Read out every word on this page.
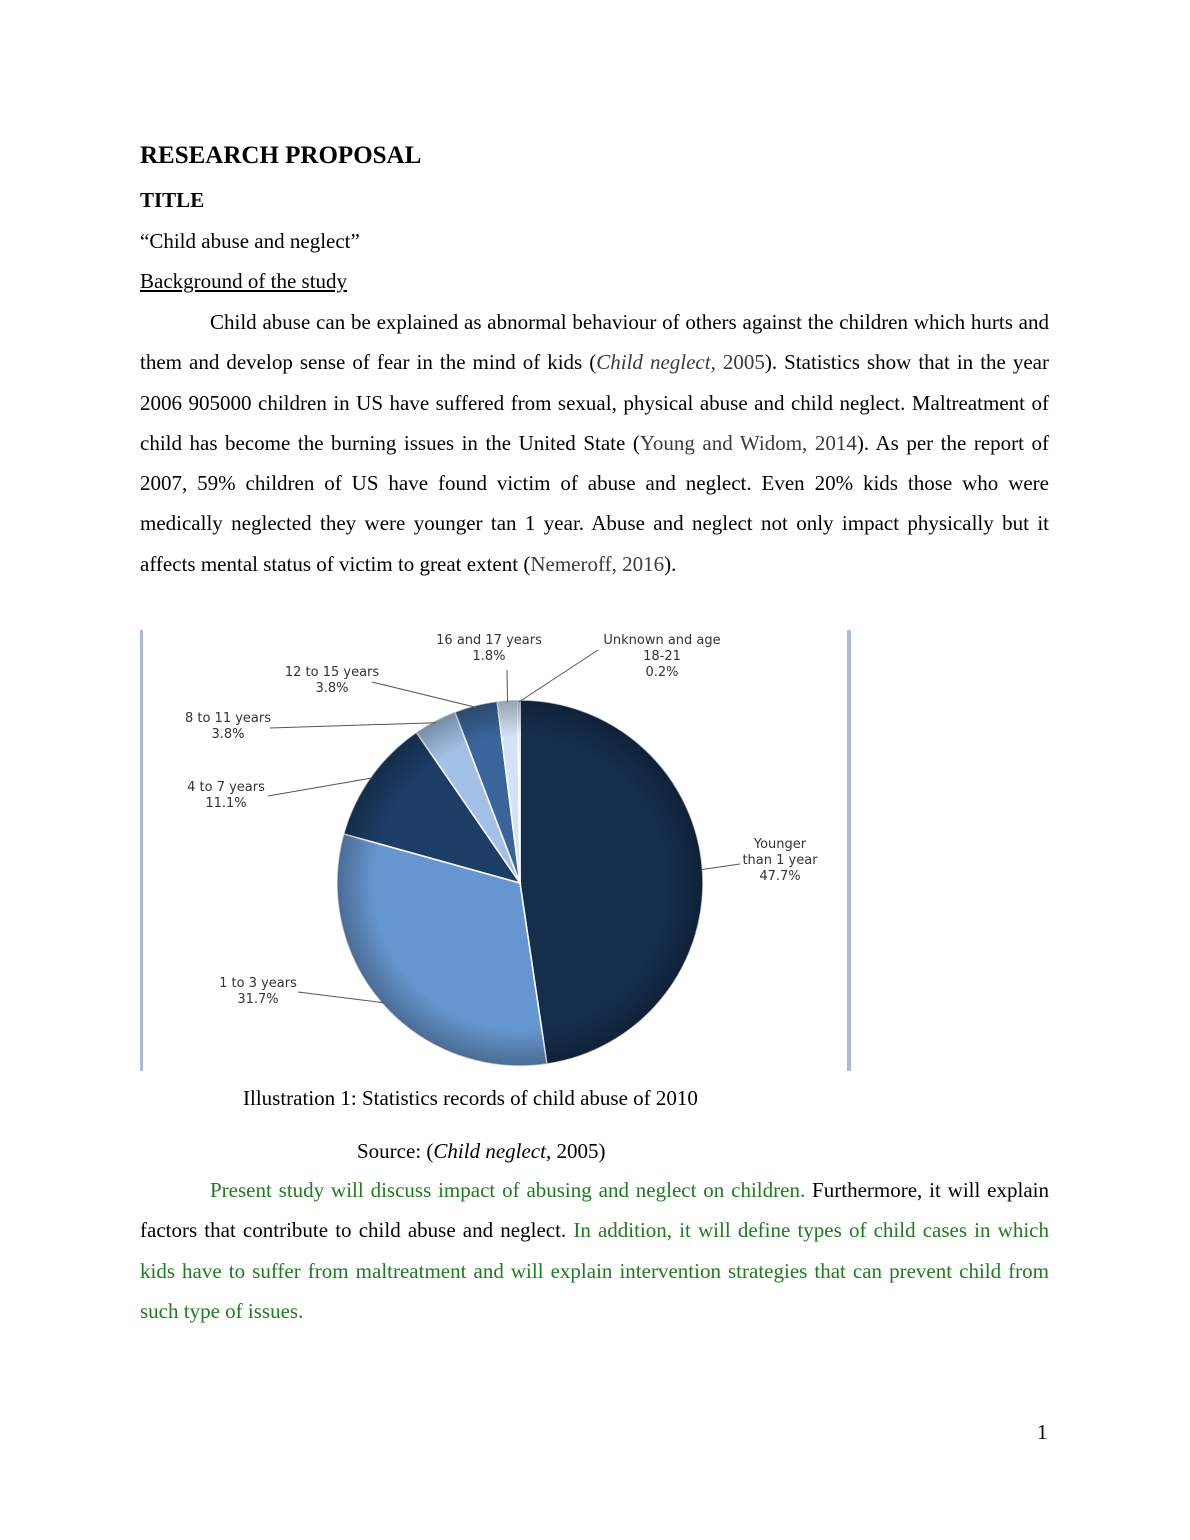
RESEARCH PROPOSAL
TITLE
“Child abuse and neglect”
Background of the study

Child abuse can be explained as abnormal behaviour of others against the children which hurts and them and develop sense of fear in the mind of kids (Child neglect, 2005). Statistics show that in the year 2006 905000 children in US have suffered from sexual, physical abuse and child neglect. Maltreatment of child has become the burning issues in the United State (Young and Widom, 2014). As per the report of 2007, 59% children of US have found victim of abuse and neglect. Even 20% kids those who were medically neglected they were younger tan 1 year. Abuse and neglect not only impact physically but it affects mental status of victim to great extent (Nemeroff, 2016).

Younger than 1 year 47.7%
1 to 3 years 31.7%
4 to 7 years 11.1%
8 to 11 years 3.8%
12 to 15 years 3.8%
16 and 17 years 1.8%
Unknown and age 18-21 0.2%
Illustration 1: Statistics records of child abuse of 2010
Source: (Child neglect, 2005)

Present study will discuss impact of abusing and neglect on children. Furthermore, it will explain factors that contribute to child abuse and neglect. In addition, it will define types of child cases in which kids have to suffer from maltreatment and will explain intervention strategies that can prevent child from such type of issues.

1
